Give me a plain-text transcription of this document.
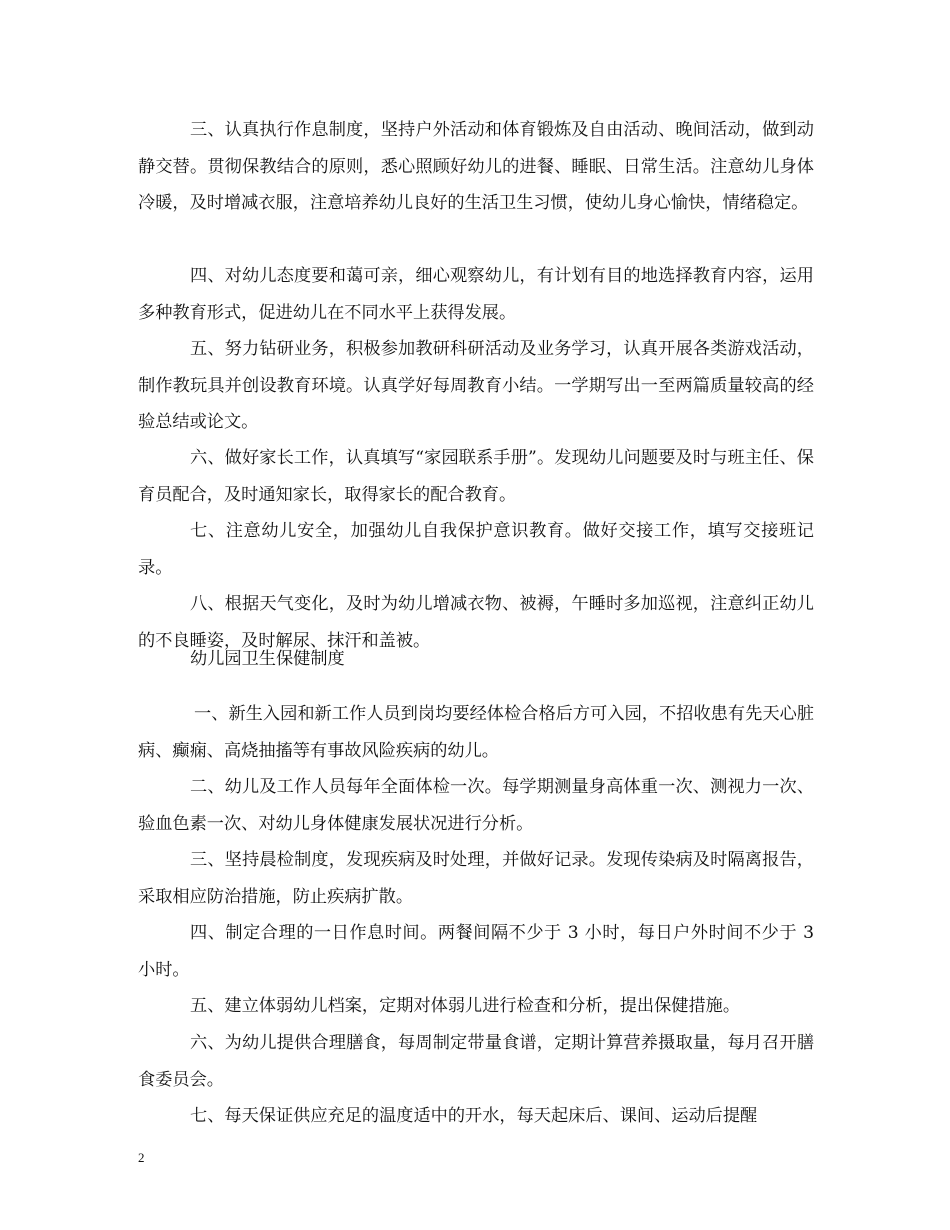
三、认真执行作息制度，坚持户外活动和体育锻炼及自由活动、晚间活动，做到动静交替。贯彻保教结合的原则，悉心照顾好幼儿的进餐、睡眠、日常生活。注意幼儿身体冷暖，及时增减衣服，注意培养幼儿良好的生活卫生习惯，使幼儿身心愉快，情绪稳定。

四、对幼儿态度要和蔼可亲，细心观察幼儿，有计划有目的地选择教育内容，运用多种教育形式，促进幼儿在不同水平上获得发展。

五、努力钻研业务，积极参加教研科研活动及业务学习，认真开展各类游戏活动，制作教玩具并创设教育环境。认真学好每周教育小结。一学期写出一至两篇质量较高的经验总结或论文。

六、做好家长工作，认真填写“家园联系手册”。发现幼儿问题要及时与班主任、保育员配合，及时通知家长，取得家长的配合教育。

七、注意幼儿安全，加强幼儿自我保护意识教育。做好交接工作，填写交接班记录。

八、根据天气变化，及时为幼儿增减衣物、被褥，午睡时多加巡视，注意纠正幼儿的不良睡姿，及时解尿、抹汗和盖被。

幼儿园卫生保健制度

一、新生入园和新工作人员到岗均要经体检合格后方可入园，不招收患有先天心脏病、癫痫、高烧抽搐等有事故风险疾病的幼儿。

二、幼儿及工作人员每年全面体检一次。每学期测量身高体重一次、测视力一次、验血色素一次、对幼儿身体健康发展状况进行分析。

三、坚持晨检制度，发现疾病及时处理，并做好记录。发现传染病及时隔离报告，采取相应防治措施，防止疾病扩散。

四、制定合理的一日作息时间。两餐间隔不少于 3 小时，每日户外时间不少于 3 小时。

五、建立体弱幼儿档案，定期对体弱儿进行检查和分析，提出保健措施。

六、为幼儿提供合理膳食，每周制定带量食谱，定期计算营养摄取量，每月召开膳食委员会。

七、每天保证供应充足的温度适中的开水，每天起床后、课间、运动后提醒

2
